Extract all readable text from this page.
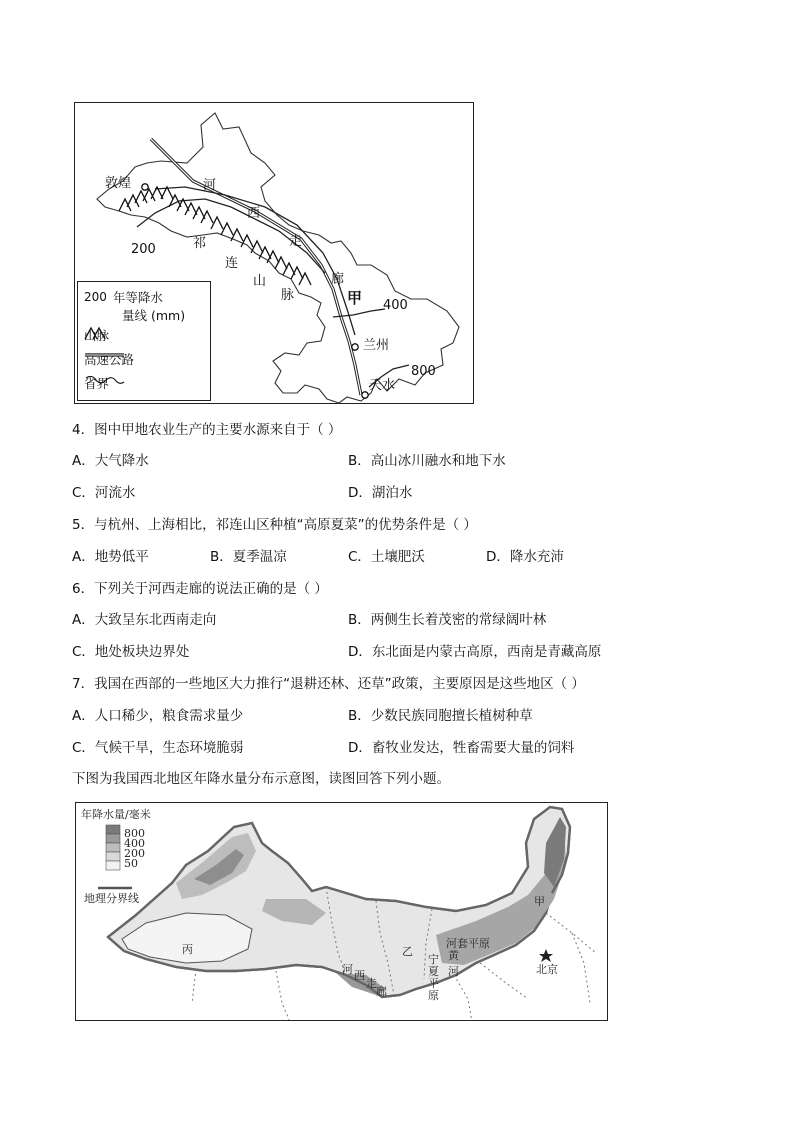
敦煌	河
西
走
廊
200	祁
连
山
脉	甲 400
兰州
800
天水
200 年等降水
量线 (mm)
山脉
高速公路
省界
4．图中甲地农业生产的主要水源来自于（ ）
A．大气降水	B．高山冰川融水和地下水
C．河流水	D．湖泊水
5．与杭州、上海相比，祁连山区种植“高原夏菜”的优势条件是（ ）
A．地势低平	B．夏季温凉	C．土壤肥沃	D．降水充沛
6．下列关于河西走廊的说法正确的是（ ）
A．大致呈东北西南走向	B．两侧生长着茂密的常绿阔叶林
C．地处板块边界处	D．东北面是内蒙古高原，西南是青藏高原
7．我国在西部的一些地区大力推行“退耕还林、还草”政策，主要原因是这些地区（ ）
A．人口稀少，粮食需求量少	B．少数民族同胞擅长植树种草
C．气候干旱，生态环境脆弱	D．畜牧业发达，牲畜需要大量的饲料
下图为我国西北地区年降水量分布示意图，读图回答下列小题。
年降水量/毫米
800
400
200
50
地理分界线
丙	乙
甲
河套平原
河 西
走
廊
宁
夏
平
原
黄
河	北京
